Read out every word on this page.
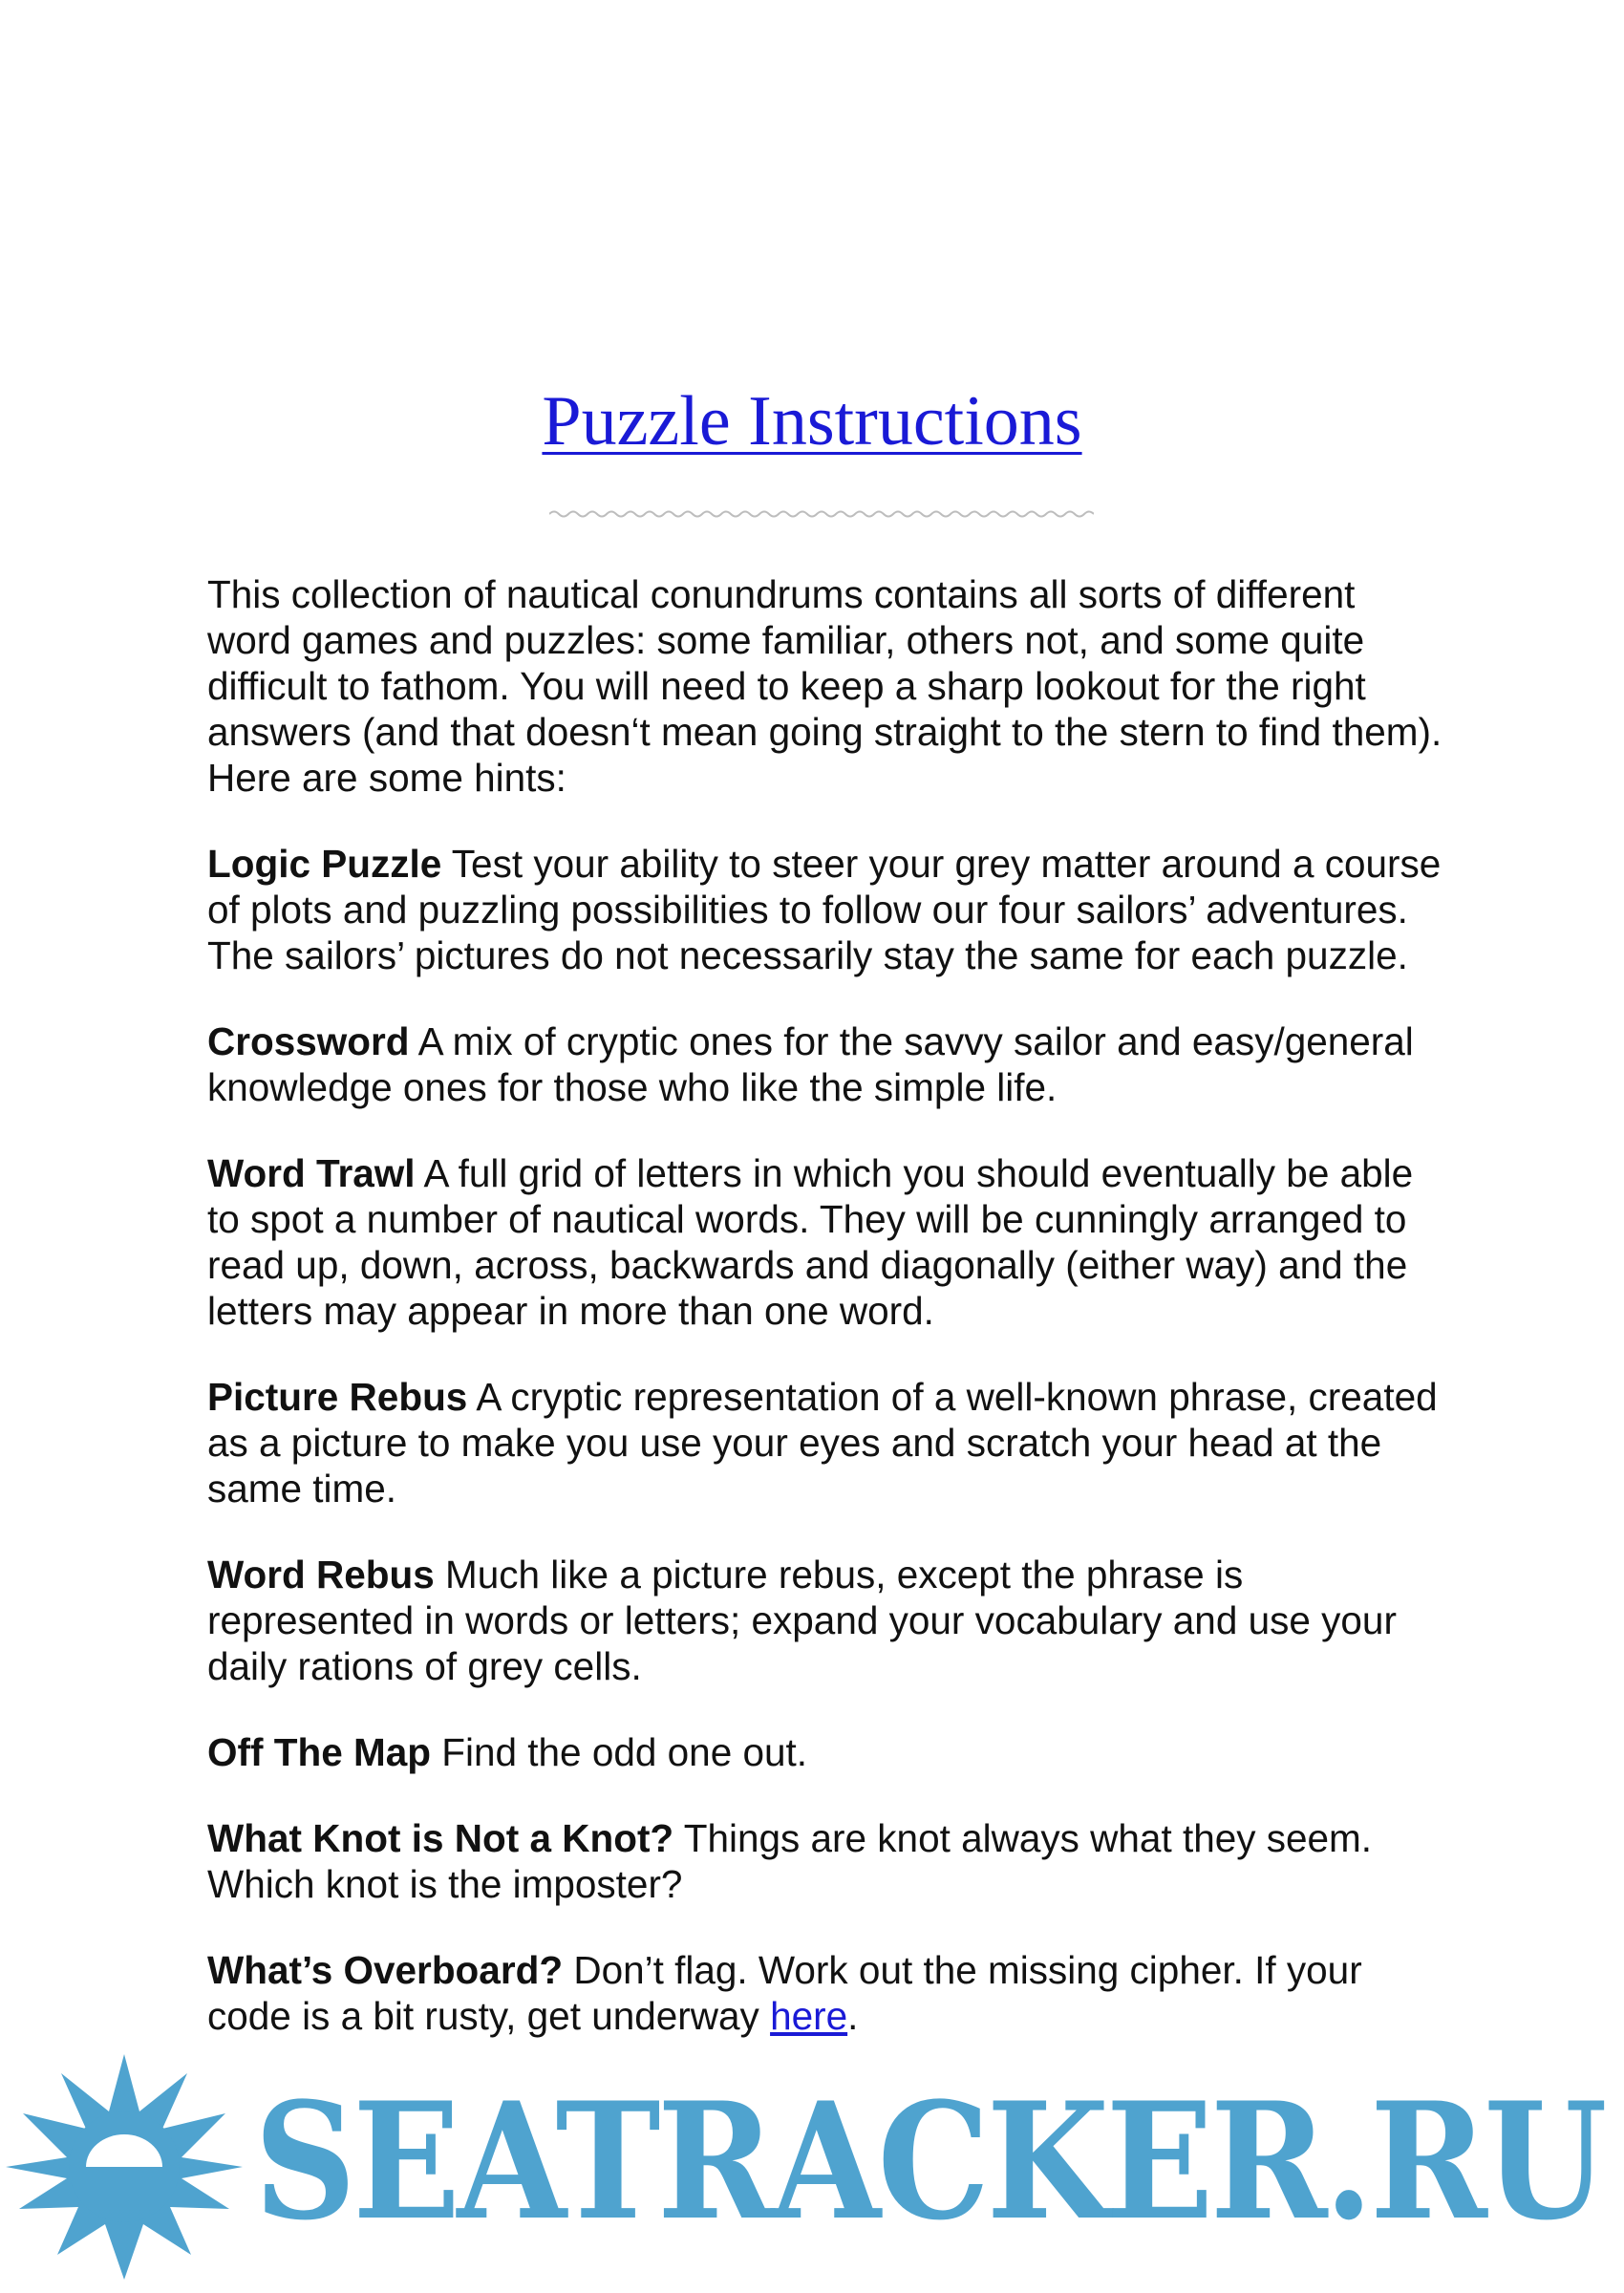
Puzzle Instructions

This collection of nautical conundrums contains all sorts of different word games and puzzles: some familiar, others not, and some quite difficult to fathom. You will need to keep a sharp lookout for the right answers (and that doesn‘t mean going straight to the stern to find them). Here are some hints:

Logic Puzzle Test your ability to steer your grey matter around a course of plots and puzzling possibilities to follow our four sailors’ adventures. The sailors’ pictures do not necessarily stay the same for each puzzle.

Crossword A mix of cryptic ones for the savvy sailor and easy/general knowledge ones for those who like the simple life.

Word Trawl A full grid of letters in which you should eventually be able to spot a number of nautical words. They will be cunningly arranged to read up, down, across, backwards and diagonally (either way) and the letters may appear in more than one word.

Picture Rebus A cryptic representation of a well-known phrase, created as a picture to make you use your eyes and scratch your head at the same time.

Word Rebus Much like a picture rebus, except the phrase is represented in words or letters; expand your vocabulary and use your daily rations of grey cells.

Off The Map Find the odd one out.

What Knot is Not a Knot? Things are knot always what they seem. Which knot is the imposter?

What’s Overboard? Don’t flag. Work out the missing cipher. If your code is a bit rusty, get underway here.

SEATRACKER.RU
